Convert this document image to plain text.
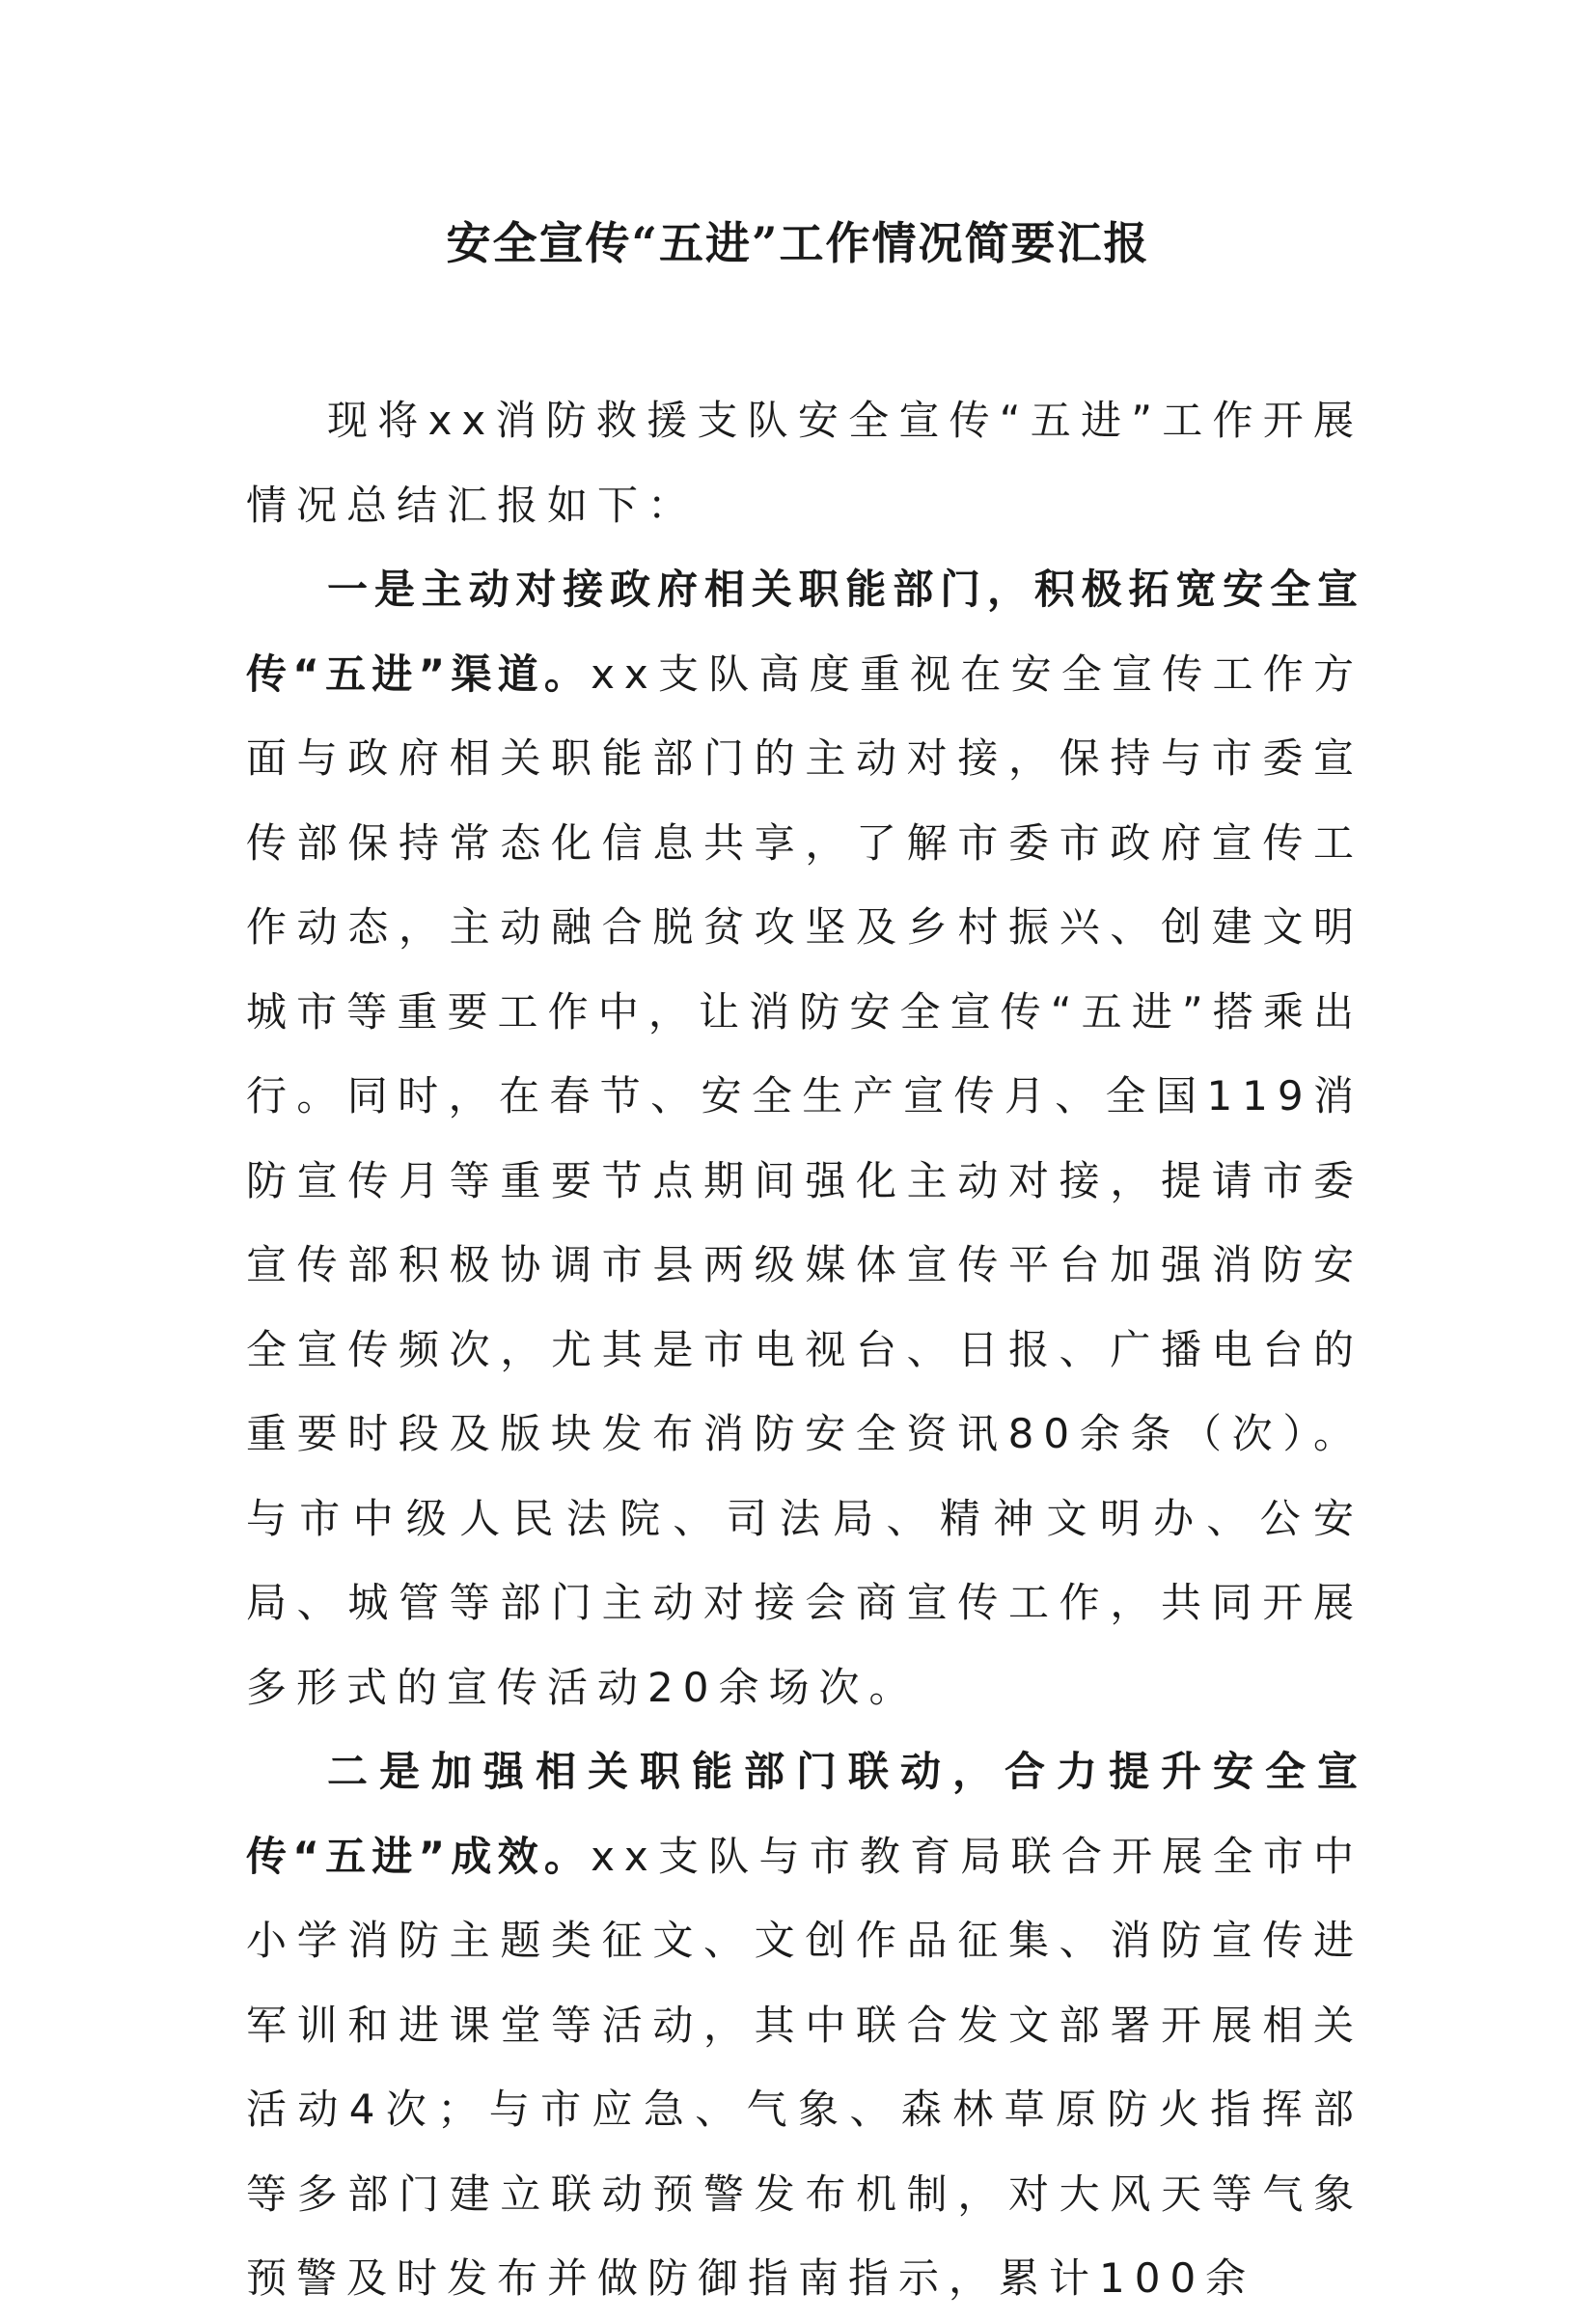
安全宣传“五进”工作情况简要汇报

现将xx消防救援支队安全宣传“五进”工作开展情况总结汇报如下：

一是主动对接政府相关职能部门，积极拓宽安全宣传“五进”渠道。xx支队高度重视在安全宣传工作方面与政府相关职能部门的主动对接，保持与市委宣传部保持常态化信息共享，了解市委市政府宣传工作动态，主动融合脱贫攻坚及乡村振兴、创建文明城市等重要工作中，让消防安全宣传“五进”搭乘出行。同时，在春节、安全生产宣传月、全国119消防宣传月等重要节点期间强化主动对接，提请市委宣传部积极协调市县两级媒体宣传平台加强消防安全宣传频次，尤其是市电视台、日报、广播电台的重要时段及版块发布消防安全资讯80余条（次）。与市中级人民法院、司法局、精神文明办、公安局、城管等部门主动对接会商宣传工作，共同开展多形式的宣传活动20余场次。

二是加强相关职能部门联动，合力提升安全宣传“五进”成效。xx支队与市教育局联合开展全市中小学消防主题类征文、文创作品征集、消防宣传进军训和进课堂等活动，其中联合发文部署开展相关活动4次；与市应急、气象、森林草原防火指挥部等多部门建立联动预警发布机制，对大风天等气象预警及时发布并做防御指南指示，累计100余
